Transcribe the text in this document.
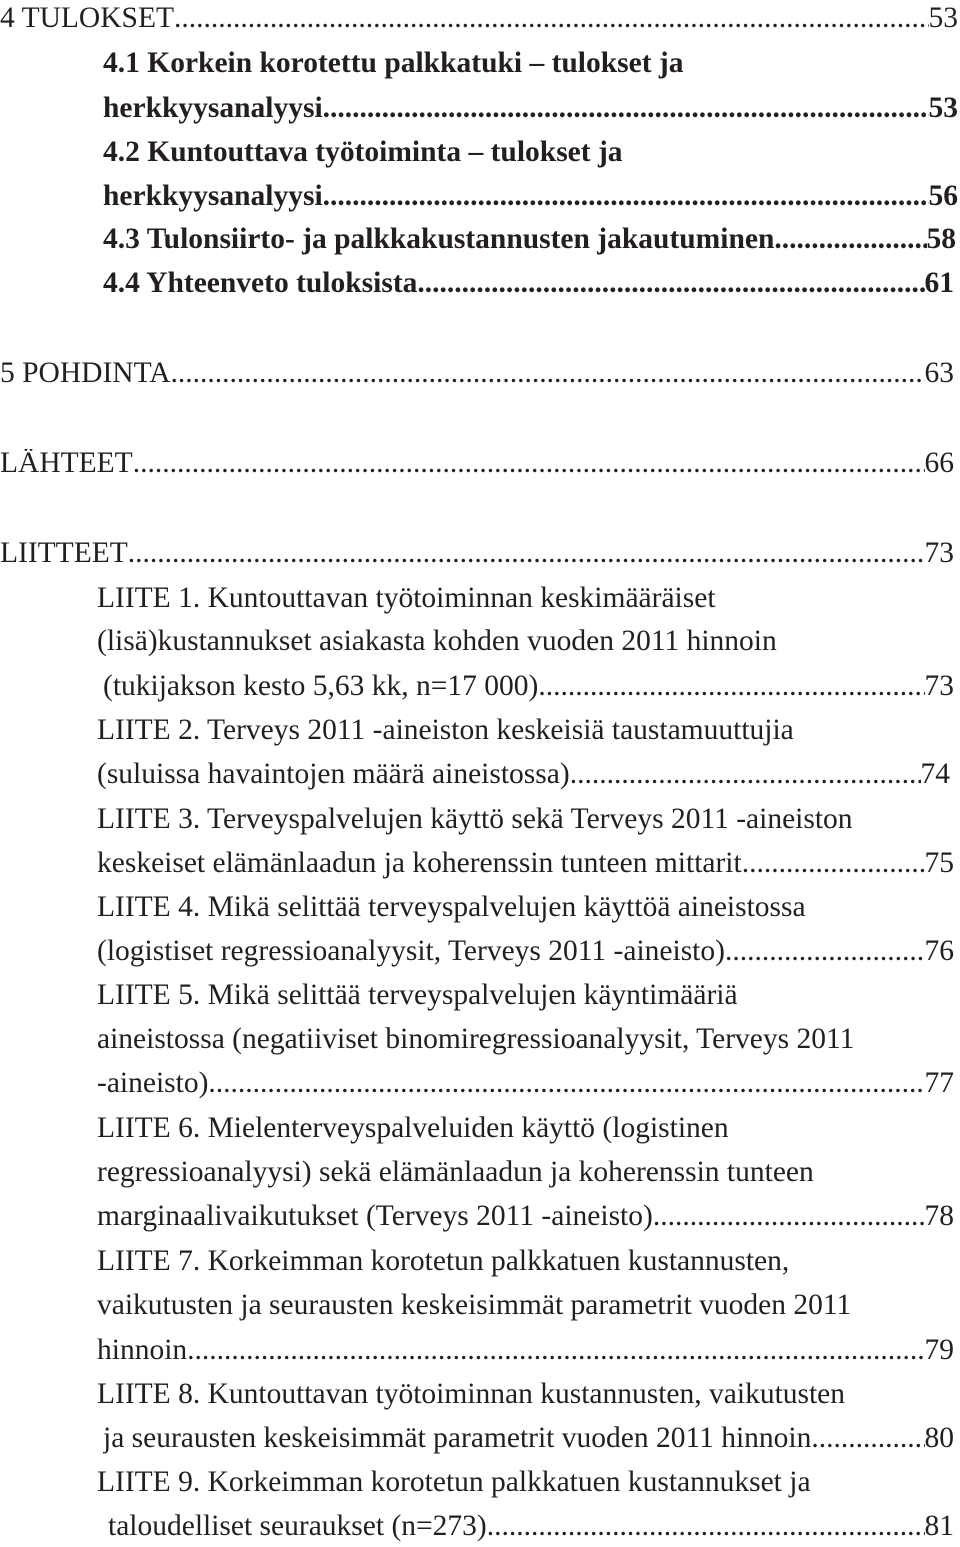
4 TULOKSET .....	53
4.1 Korkein korotettu palkkatuki – tulokset ja
herkkyysanalyysi .....	53
4.2 Kuntouttava työtoiminta – tulokset ja
herkkyysanalyysi .....	56
4.3 Tulonsiirto- ja palkkakustannusten jakautuminen .....	58
4.4 Yhteenveto tuloksista .....	61
5 POHDINTA .....	63
LÄHTEET .....	66
LIITTEET .....	73
LIITE 1. Kuntouttavan työtoiminnan keskimääräiset
(lisä)kustannukset asiakasta kohden vuoden 2011 hinnoin
(tukijakson kesto 5,63 kk, n=17 000) .....	73
LIITE 2. Terveys 2011 -aineiston keskeisiä taustamuuttujia
(suluissa havaintojen määrä aineistossa) .....	74
LIITE 3. Terveyspalvelujen käyttö sekä Terveys 2011 -aineiston
keskeiset elämänlaadun ja koherenssin tunteen mittarit .....	75
LIITE 4. Mikä selittää terveyspalvelujen käyttöä aineistossa
(logistiset regressioanalyysit, Terveys 2011 -aineisto) .....	76
LIITE 5. Mikä selittää terveyspalvelujen käyntimääriä
aineistossa (negatiiviset binomiregressioanalyysit, Terveys 2011
-aineisto) .....	77
LIITE 6. Mielenterveyspalveluiden käyttö (logistinen
regressioanalyysi) sekä elämänlaadun ja koherenssin tunteen
marginaalivaikutukset (Terveys 2011 -aineisto) .....	78
LIITE 7. Korkeimman korotetun palkkatuen kustannusten,
vaikutusten ja seurausten keskeisimmät parametrit vuoden 2011
hinnoin .....	79
LIITE 8. Kuntouttavan työtoiminnan kustannusten, vaikutusten
ja seurausten keskeisimmät parametrit vuoden 2011 hinnoin .....	80
LIITE 9. Korkeimman korotetun palkkatuen kustannukset ja
taloudelliset seuraukset (n=273) .....	81
